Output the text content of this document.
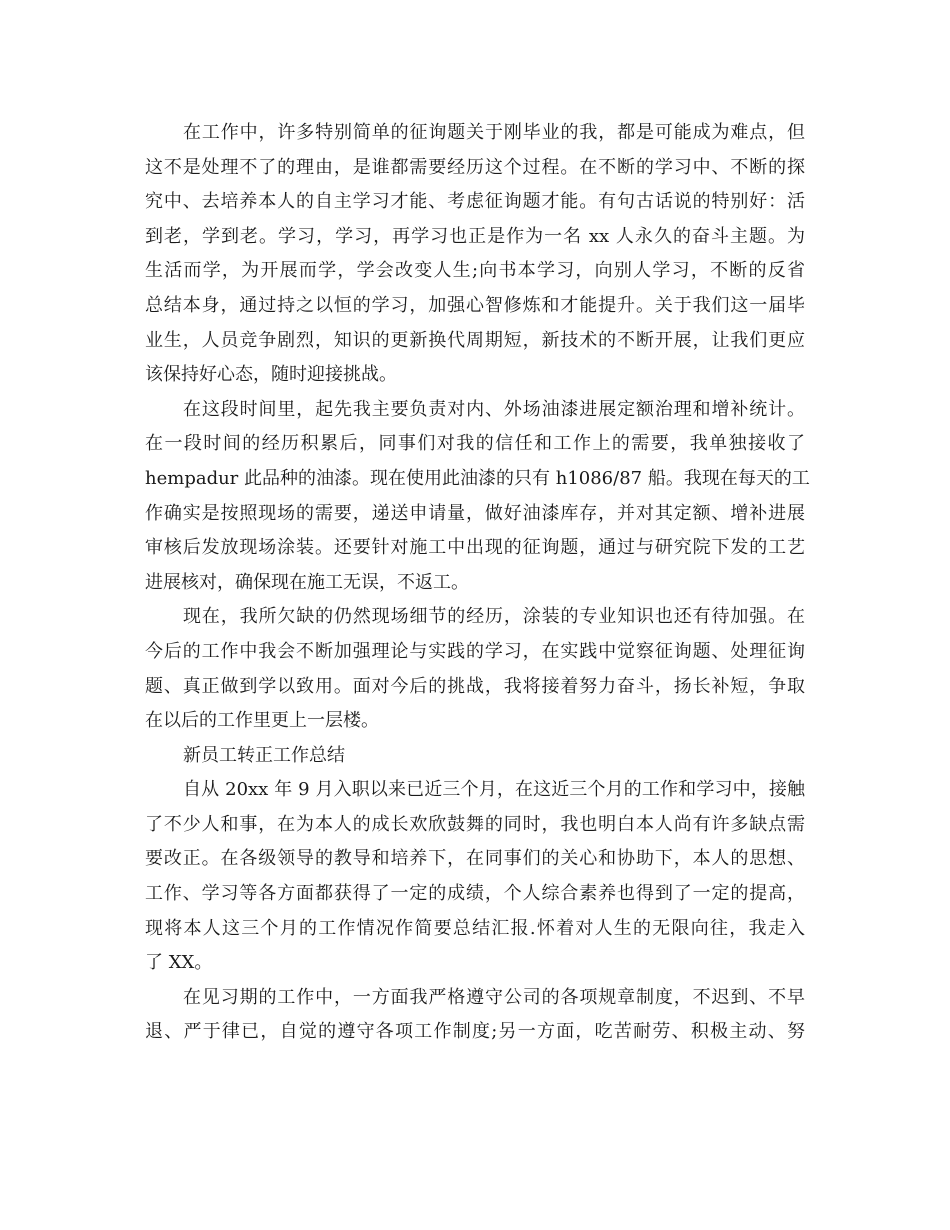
在工作中，许多特别简单的征询题关于刚毕业的我，都是可能成为难点，但
这不是处理不了的理由，是谁都需要经历这个过程。在不断的学习中、不断的探
究中、去培养本人的自主学习才能、考虑征询题才能。有句古话说的特别好：活
到老，学到老。学习，学习，再学习也正是作为一名 xx 人永久的奋斗主题。为
生活而学，为开展而学，学会改变人生;向书本学习，向别人学习，不断的反省
总结本身，通过持之以恒的学习，加强心智修炼和才能提升。关于我们这一届毕
业生，人员竞争剧烈，知识的更新换代周期短，新技术的不断开展，让我们更应
该保持好心态，随时迎接挑战。
在这段时间里，起先我主要负责对内、外场油漆进展定额治理和增补统计。
在一段时间的经历积累后，同事们对我的信任和工作上的需要，我单独接收了
hempadur 此品种的油漆。现在使用此油漆的只有 h1086/87 船。我现在每天的工
作确实是按照现场的需要，递送申请量，做好油漆库存，并对其定额、增补进展
审核后发放现场涂装。还要针对施工中出现的征询题，通过与研究院下发的工艺
进展核对，确保现在施工无误，不返工。
现在，我所欠缺的仍然现场细节的经历，涂装的专业知识也还有待加强。在
今后的工作中我会不断加强理论与实践的学习，在实践中觉察征询题、处理征询
题、真正做到学以致用。面对今后的挑战，我将接着努力奋斗，扬长补短，争取
在以后的工作里更上一层楼。
新员工转正工作总结
自从 20xx 年 9 月入职以来已近三个月，在这近三个月的工作和学习中，接触
了不少人和事，在为本人的成长欢欣鼓舞的同时，我也明白本人尚有许多缺点需
要改正。在各级领导的教导和培养下，在同事们的关心和协助下，本人的思想、
工作、学习等各方面都获得了一定的成绩，个人综合素养也得到了一定的提高，
现将本人这三个月的工作情况作简要总结汇报.怀着对人生的无限向往，我走入
了 XX。
在见习期的工作中，一方面我严格遵守公司的各项规章制度，不迟到、不早
退、严于律已，自觉的遵守各项工作制度;另一方面，吃苦耐劳、积极主动、努
